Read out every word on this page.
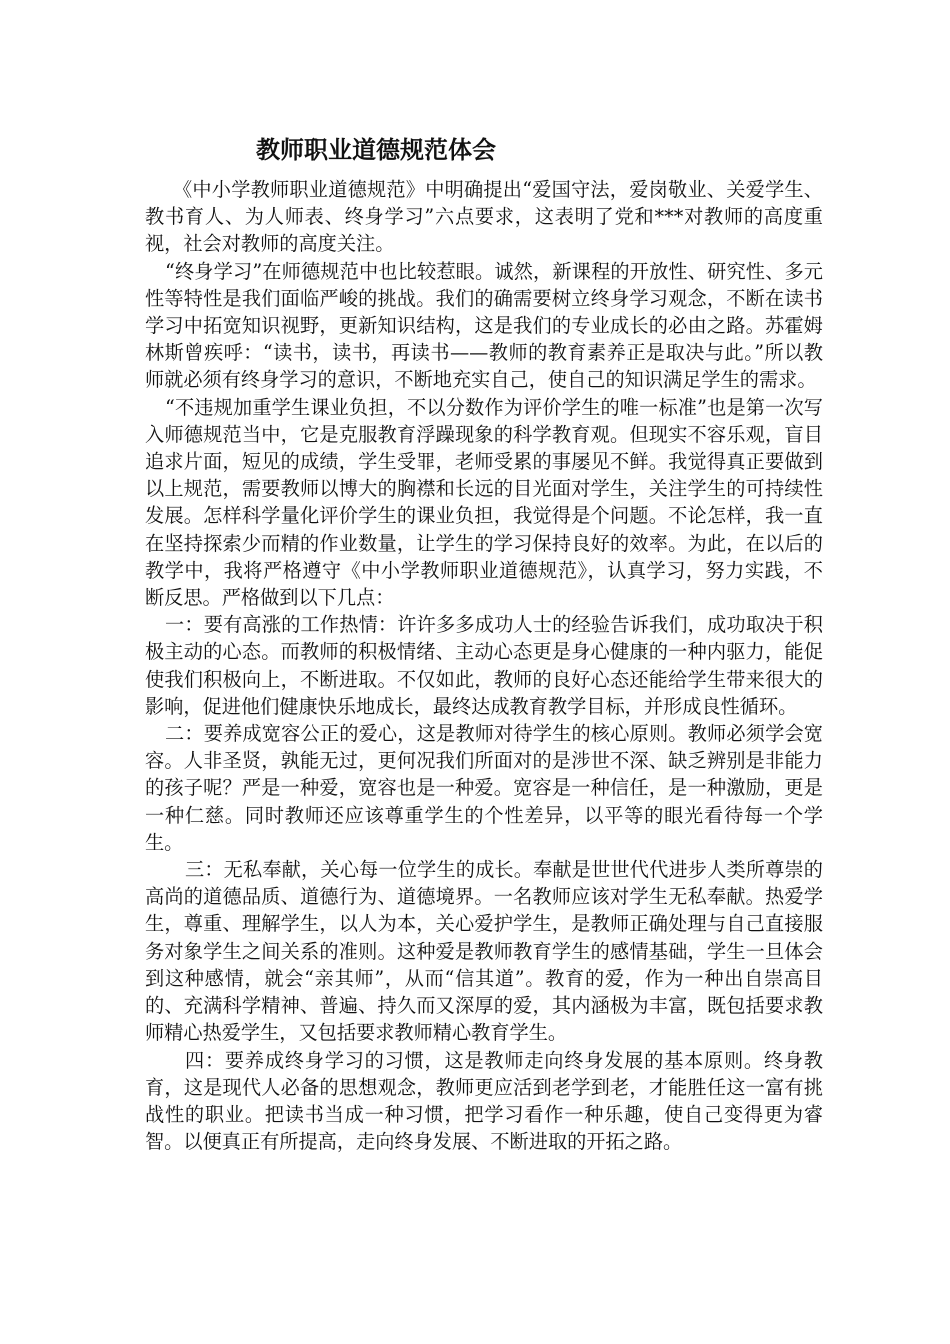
教师职业道德规范体会

《中小学教师职业道德规范》中明确提出“爱国守法，爱岗敬业、关爱学生、教书育人、为人师表、终身学习”六点要求，这表明了党和***对教师的高度重视，社会对教师的高度关注。

“终身学习”在师德规范中也比较惹眼。诚然，新课程的开放性、研究性、多元性等特性是我们面临严峻的挑战。我们的确需要树立终身学习观念，不断在读书学习中拓宽知识视野，更新知识结构，这是我们的专业成长的必由之路。苏霍姆林斯曾疾呼：“读书，读书，再读书——教师的教育素养正是取决与此。”所以教师就必须有终身学习的意识，不断地充实自己，使自己的知识满足学生的需求。

“不违规加重学生课业负担，不以分数作为评价学生的唯一标准”也是第一次写入师德规范当中，它是克服教育浮躁现象的科学教育观。但现实不容乐观，盲目追求片面，短见的成绩，学生受罪，老师受累的事屡见不鲜。我觉得真正要做到以上规范，需要教师以博大的胸襟和长远的目光面对学生，关注学生的可持续性发展。怎样科学量化评价学生的课业负担，我觉得是个问题。不论怎样，我一直在坚持探索少而精的作业数量，让学生的学习保持良好的效率。为此，在以后的教学中，我将严格遵守《中小学教师职业道德规范》，认真学习，努力实践，不断反思。严格做到以下几点：

一：要有高涨的工作热情：许许多多成功人士的经验告诉我们，成功取决于积极主动的心态。而教师的积极情绪、主动心态更是身心健康的一种内驱力，能促使我们积极向上，不断进取。不仅如此，教师的良好心态还能给学生带来很大的影响，促进他们健康快乐地成长，最终达成教育教学目标，并形成良性循环。

二：要养成宽容公正的爱心，这是教师对待学生的核心原则。教师必须学会宽容。人非圣贤，孰能无过，更何况我们所面对的是涉世不深、缺乏辨别是非能力的孩子呢？严是一种爱，宽容也是一种爱。宽容是一种信任，是一种激励，更是一种仁慈。同时教师还应该尊重学生的个性差异，以平等的眼光看待每一个学生。

三：无私奉献，关心每一位学生的成长。奉献是世世代代进步人类所尊崇的高尚的道德品质、道德行为、道德境界。一名教师应该对学生无私奉献。热爱学生，尊重、理解学生，以人为本，关心爱护学生，是教师正确处理与自己直接服务对象学生之间关系的准则。这种爱是教师教育学生的感情基础，学生一旦体会到这种感情，就会“亲其师”，从而“信其道”。教育的爱，作为一种出自崇高目的、充满科学精神、普遍、持久而又深厚的爱，其内涵极为丰富，既包括要求教师精心热爱学生，又包括要求教师精心教育学生。

四：要养成终身学习的习惯，这是教师走向终身发展的基本原则。终身教育，这是现代人必备的思想观念，教师更应活到老学到老，才能胜任这一富有挑战性的职业。把读书当成一种习惯，把学习看作一种乐趣，使自己变得更为睿智。以便真正有所提高，走向终身发展、不断进取的开拓之路。
